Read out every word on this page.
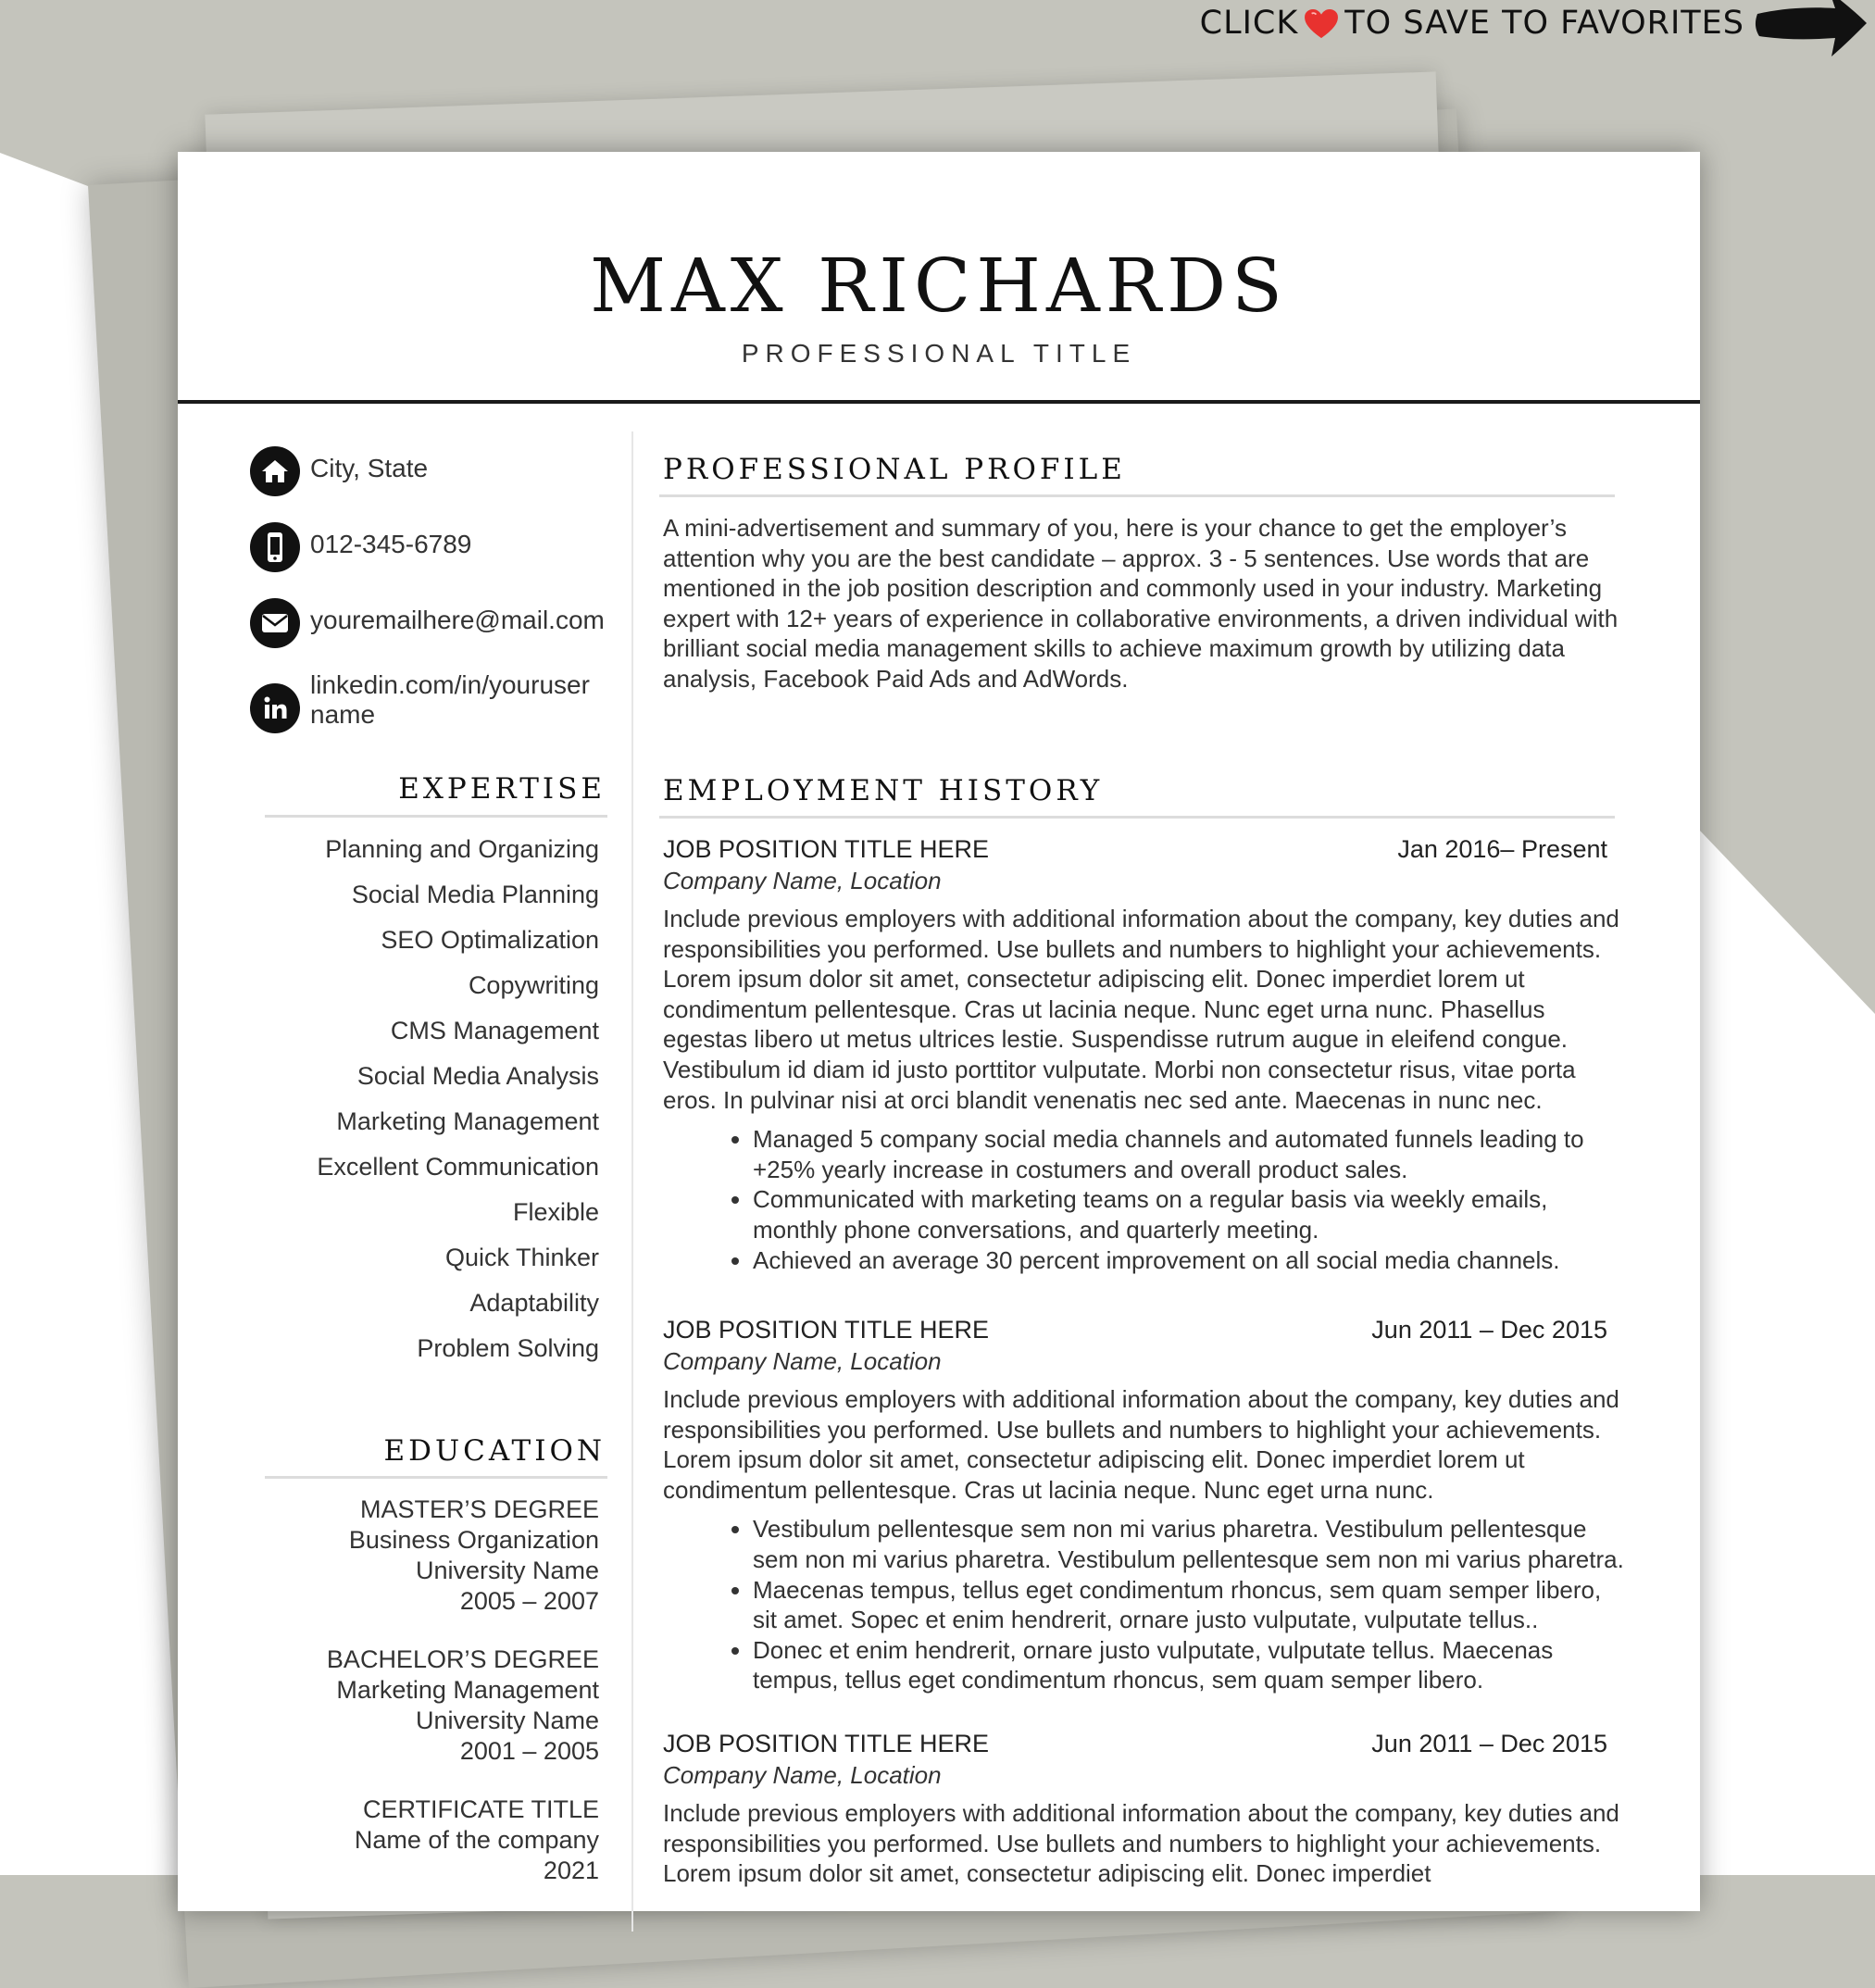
CLICK TO SAVE TO FAVORITES
MAX RICHARDS
PROFESSIONAL TITLE
City, State
012-345-6789
youremailhere@mail.com
linkedin.com/in/youruser name
EXPERTISE
Planning and Organizing
Social Media Planning
SEO Optimalization
Copywriting
CMS Management
Social Media Analysis
Marketing Management
Excellent Communication
Flexible
Quick Thinker
Adaptability
Problem Solving
EDUCATION
MASTER’S DEGREE
Business Organization
University Name
2005 – 2007
BACHELOR’S DEGREE
Marketing Management
University Name
2001 – 2005
CERTIFICATE TITLE
Name of the company
2021
PROFESSIONAL PROFILE
A mini-advertisement and summary of you, here is your chance to get the employer’s attention why you are the best candidate – approx. 3 - 5 sentences. Use words that are mentioned in the job position description and commonly used in your industry. Marketing expert with 12+ years of experience in collaborative environments, a driven individual with brilliant social media management skills to achieve maximum growth by utilizing data analysis, Facebook Paid Ads and AdWords.
EMPLOYMENT HISTORY
JOB POSITION TITLE HERE	Jan 2016– Present
Company Name, Location
Include previous employers with additional information about the company, key duties and responsibilities you performed. Use bullets and numbers to highlight your achievements. Lorem ipsum dolor sit amet, consectetur adipiscing elit. Donec imperdiet lorem ut condimentum pellentesque. Cras ut lacinia neque. Nunc eget urna nunc. Phasellus egestas libero ut metus ultrices lestie. Suspendisse rutrum augue in eleifend congue. Vestibulum id diam id justo porttitor vulputate. Morbi non consectetur risus, vitae porta eros. In pulvinar nisi at orci blandit venenatis nec sed ante. Maecenas in nunc nec.
• Managed 5 company social media channels and automated funnels leading to +25% yearly increase in costumers and overall product sales.
• Communicated with marketing teams on a regular basis via weekly emails, monthly phone conversations, and quarterly meeting.
• Achieved an average 30 percent improvement on all social media channels.
JOB POSITION TITLE HERE	Jun 2011 – Dec 2015
Company Name, Location
Include previous employers with additional information about the company, key duties and responsibilities you performed. Use bullets and numbers to highlight your achievements. Lorem ipsum dolor sit amet, consectetur adipiscing elit. Donec imperdiet lorem ut condimentum pellentesque. Cras ut lacinia neque. Nunc eget urna nunc.
• Vestibulum pellentesque sem non mi varius pharetra. Vestibulum pellentesque sem non mi varius pharetra. Vestibulum pellentesque sem non mi varius pharetra.
• Maecenas tempus, tellus eget condimentum rhoncus, sem quam semper libero, sit amet. Sopec et enim hendrerit, ornare justo vulputate, vulputate tellus..
• Donec et enim hendrerit, ornare justo vulputate, vulputate tellus. Maecenas tempus, tellus eget condimentum rhoncus, sem quam semper libero.
JOB POSITION TITLE HERE	Jun 2011 – Dec 2015
Company Name, Location
Include previous employers with additional information about the company, key duties and responsibilities you performed. Use bullets and numbers to highlight your achievements. Lorem ipsum dolor sit amet, consectetur adipiscing elit. Donec imperdiet
